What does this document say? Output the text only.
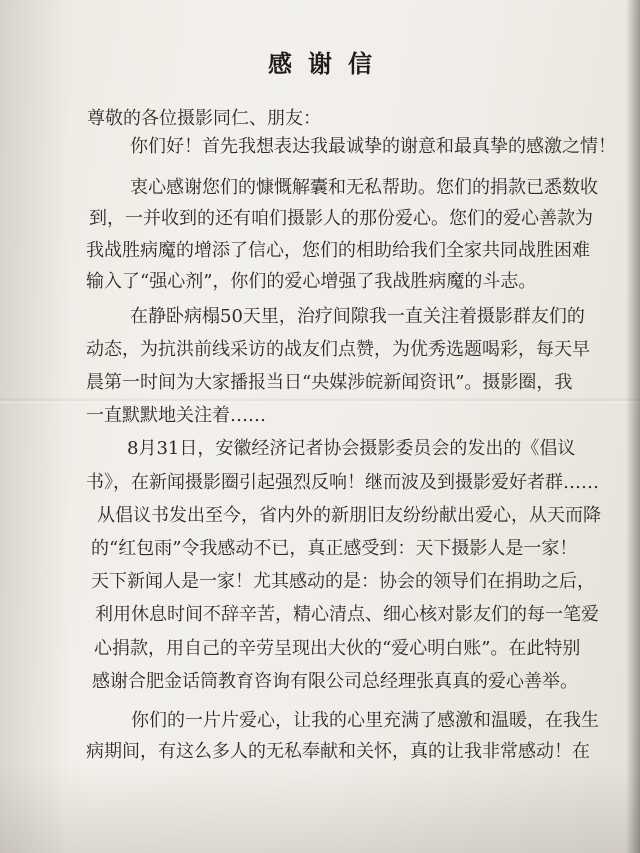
感谢信
尊敬的各位摄影同仁、朋友：
你们好！首先我想表达我最诚挚的谢意和最真挚的感激之情！
衷心感谢您们的慷慨解囊和无私帮助。您们的捐款已悉数收
到，一并收到的还有咱们摄影人的那份爱心。您们的爱心善款为
我战胜病魔的增添了信心，您们的相助给我们全家共同战胜困难
输入了“强心剂”，你们的爱心增强了我战胜病魔的斗志。
在静卧病榻50天里，治疗间隙我一直关注着摄影群友们的
动态，为抗洪前线采访的战友们点赞，为优秀选题喝彩，每天早
晨第一时间为大家播报当日“央媒涉皖新闻资讯”。摄影圈，我
一直默默地关注着……
8月31日，安徽经济记者协会摄影委员会的发出的《倡议
书》，在新闻摄影圈引起强烈反响！继而波及到摄影爱好者群……
从倡议书发出至今，省内外的新朋旧友纷纷献出爱心，从天而降
的“红包雨”令我感动不已，真正感受到：天下摄影人是一家！
天下新闻人是一家！尤其感动的是：协会的领导们在捐助之后，
利用休息时间不辞辛苦，精心清点、细心核对影友们的每一笔爱
心捐款，用自己的辛劳呈现出大伙的“爱心明白账”。在此特别
感谢合肥金话筒教育咨询有限公司总经理张真真的爱心善举。
你们的一片片爱心，让我的心里充满了感激和温暖，在我生
病期间，有这么多人的无私奉献和关怀，真的让我非常感动！在
